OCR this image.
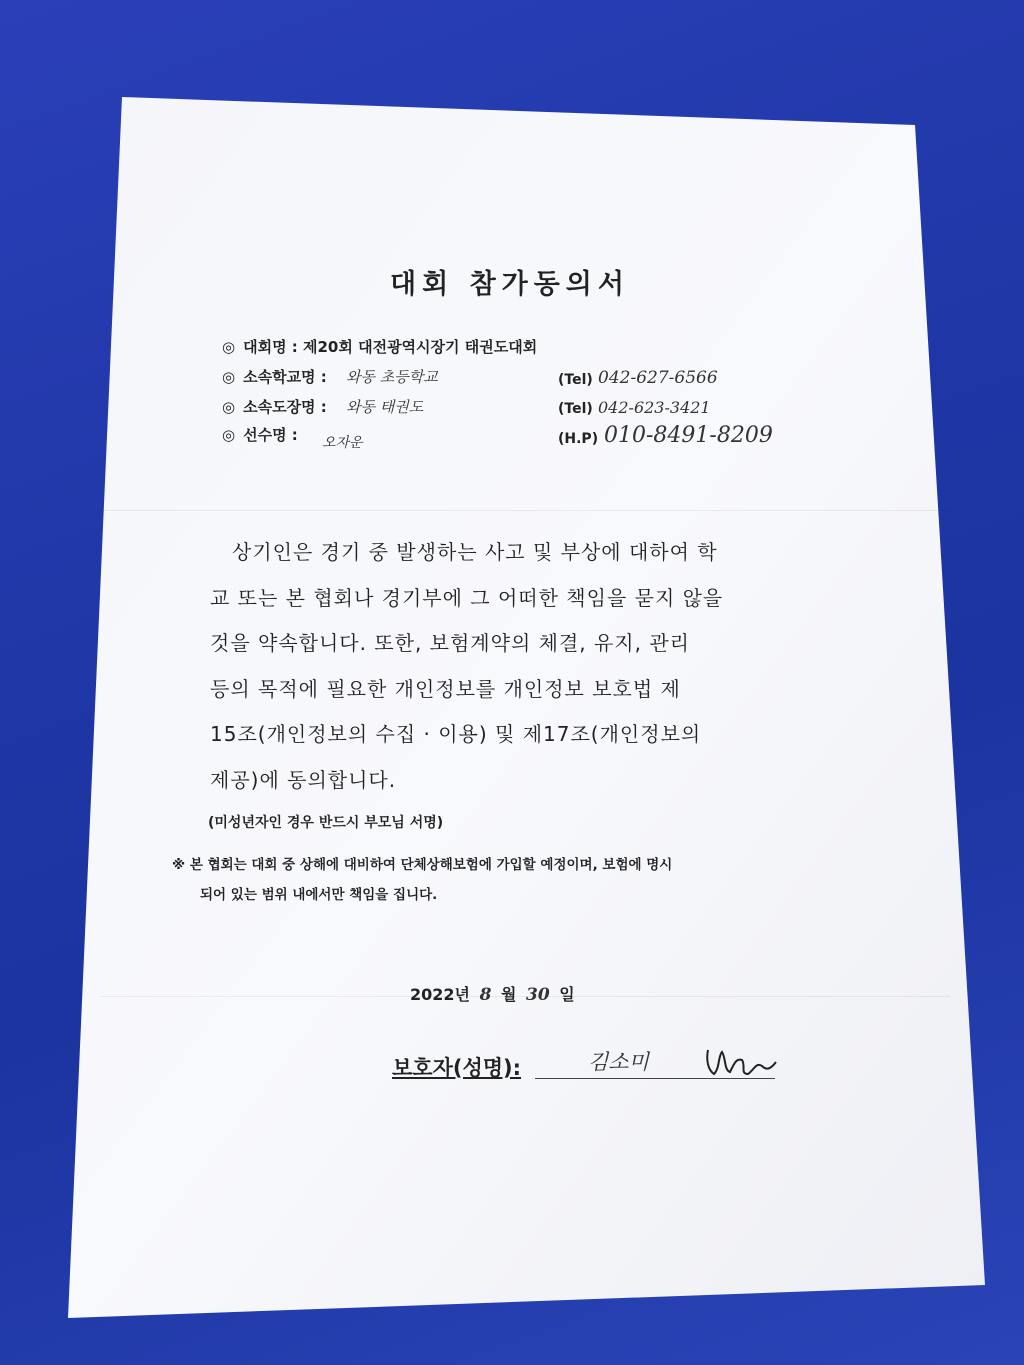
대회 참가동의서
◎ 대회명 : 제20회 대전광역시장기 태권도대회
◎ 소속학교명 : 와동 초등학교	(Tel) 042-627-6566
◎ 소속도장명 : 와동 태권도	(Tel) 042-623-3421
◎ 선수명 : 오자운	(H.P) 010-8491-8209
상기인은 경기 중 발생하는 사고 및 부상에 대하여 학
교 또는 본 협회나 경기부에 그 어떠한 책임을 묻지 않을
것을 약속합니다. 또한, 보험계약의 체결, 유지, 관리
등의 목적에 필요한 개인정보를 개인정보 보호법 제
15조(개인정보의 수집 · 이용) 및 제17조(개인정보의
제공)에 동의합니다.
(미성년자인 경우 반드시 부모님 서명)
※ 본 협회는 대회 중 상해에 대비하여 단체상해보험에 가입할 예정이며, 보험에 명시
되어 있는 범위 내에서만 책임을 집니다.
2022년 8 월 30 일
보호자(성명):	김소미
